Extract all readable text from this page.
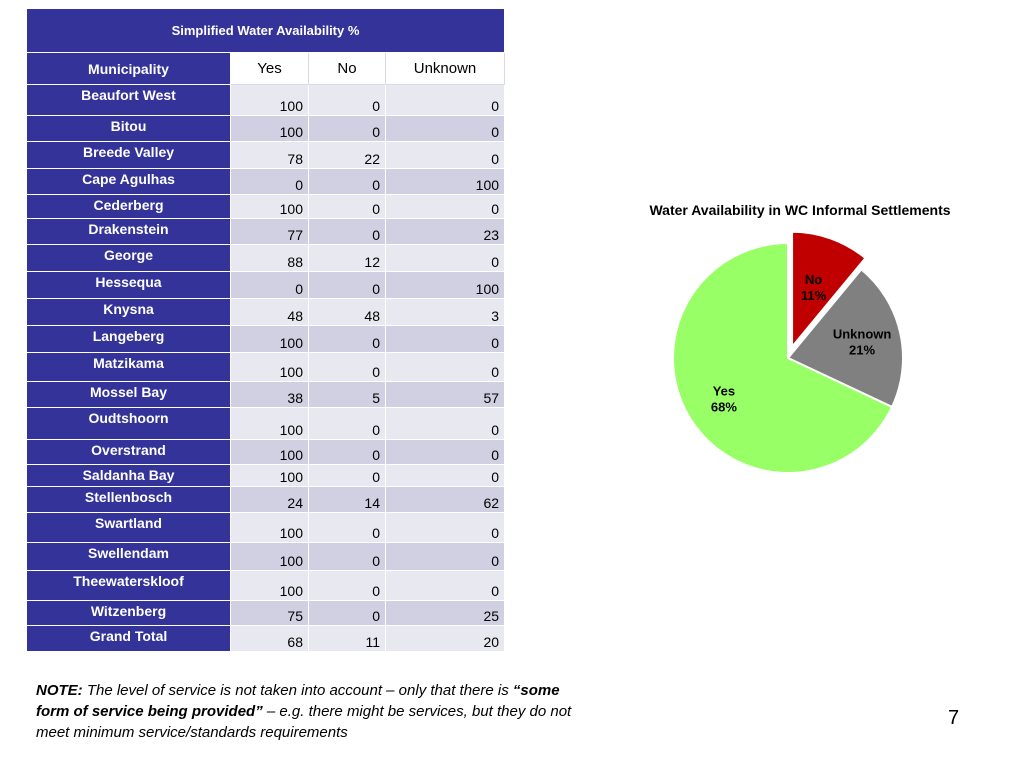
Simplified Water Availability %			
Municipality	Yes	No	Unknown
Beaufort West	100	0	0
Bitou	100	0	0
Breede Valley	78	22	0
Cape Agulhas	0	0	100
Cederberg	100	0	0
Drakenstein	77	0	23
George	88	12	0
Hessequa	0	0	100
Knysna	48	48	3
Langeberg	100	0	0
Matzikama	100	0	0
Mossel Bay	38	5	57
Oudtshoorn	100	0	0
Overstrand	100	0	0
Saldanha Bay	100	0	0
Stellenbosch	24	14	62
Swartland	100	0	0
Swellendam	100	0	0
Theewaterskloof	100	0	0
Witzenberg	75	0	25
Grand Total	68	11	20
Water Availability in WC Informal Settlements
No
11%
Unknown
21%
Yes
68%
NOTE: The level of service is not taken into account – only that there is “some form of service being provided” – e.g. there might be services, but they do not meet minimum service/standards requirements
7
